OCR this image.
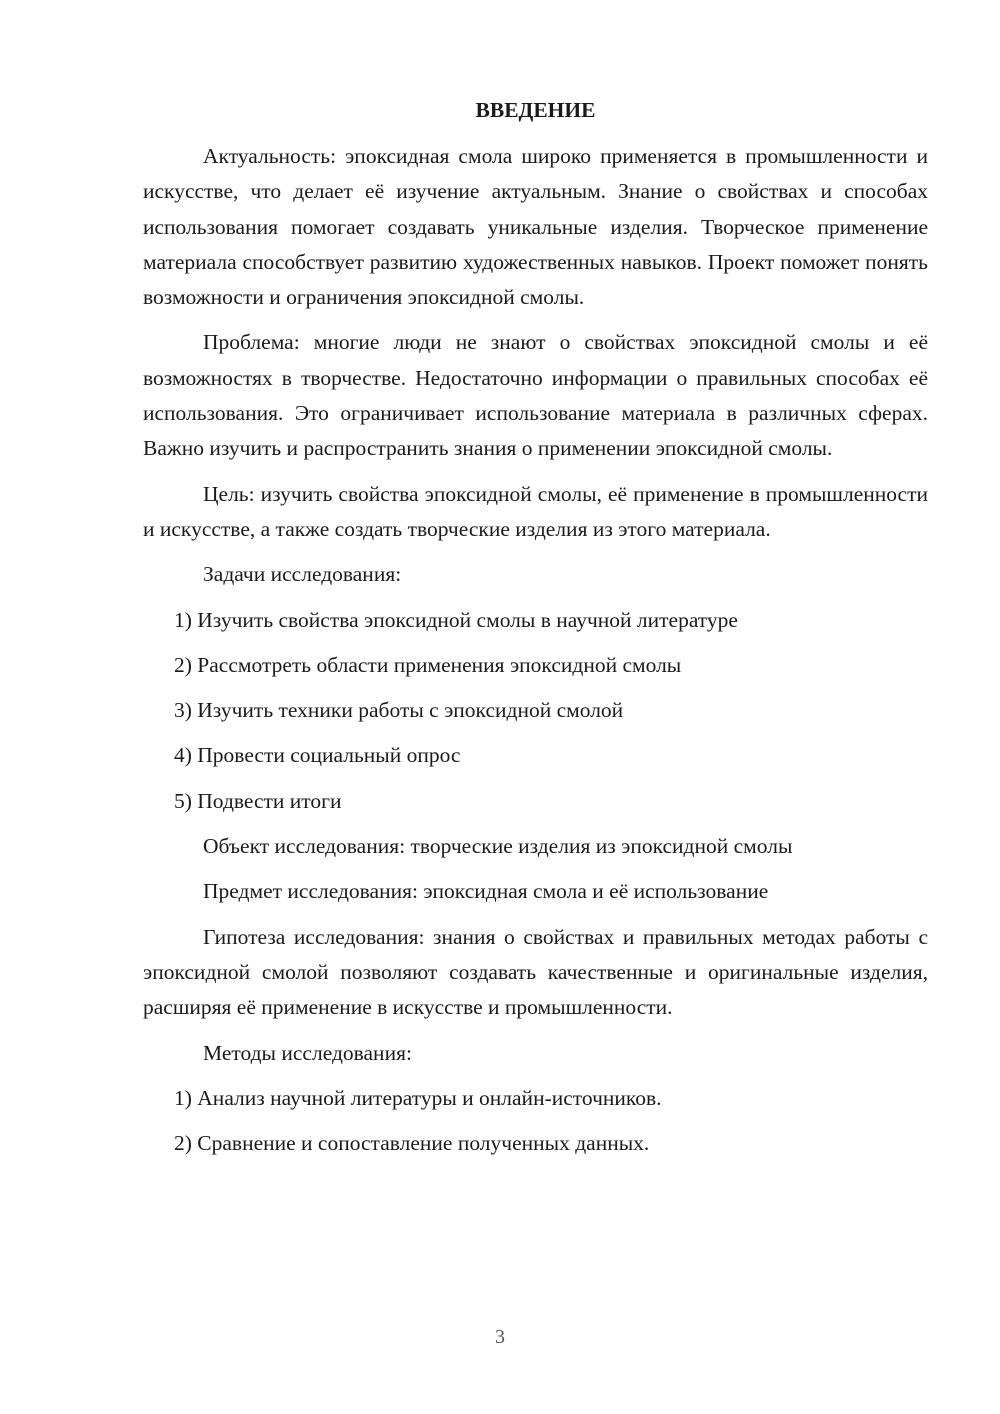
ВВЕДЕНИЕ

Актуальность: эпоксидная смола широко применяется в промышленности и искусстве, что делает её изучение актуальным. Знание о свойствах и способах использования помогает создавать уникальные изделия. Творческое применение материала способствует развитию художественных навыков. Проект поможет понять возможности и ограничения эпоксидной смолы.

Проблема: многие люди не знают о свойствах эпоксидной смолы и её возможностях в творчестве. Недостаточно информации о правильных способах её использования. Это ограничивает использование материала в различных сферах. Важно изучить и распространить знания о применении эпоксидной смолы.

Цель: изучить свойства эпоксидной смолы, её применение в промышленности и искусстве, а также создать творческие изделия из этого материала.

Задачи исследования:

1) Изучить свойства эпоксидной смолы в научной литературе

2) Рассмотреть области применения эпоксидной смолы

3) Изучить техники работы с эпоксидной смолой

4) Провести социальный опрос

5) Подвести итоги

Объект исследования: творческие изделия из эпоксидной смолы

Предмет исследования: эпоксидная смола и её использование

Гипотеза исследования: знания о свойствах и правильных методах работы с эпоксидной смолой позволяют создавать качественные и оригинальные изделия, расширяя её применение в искусстве и промышленности.

Методы исследования:

1) Анализ научной литературы и онлайн-источников.

2) Сравнение и сопоставление полученных данных.

3
